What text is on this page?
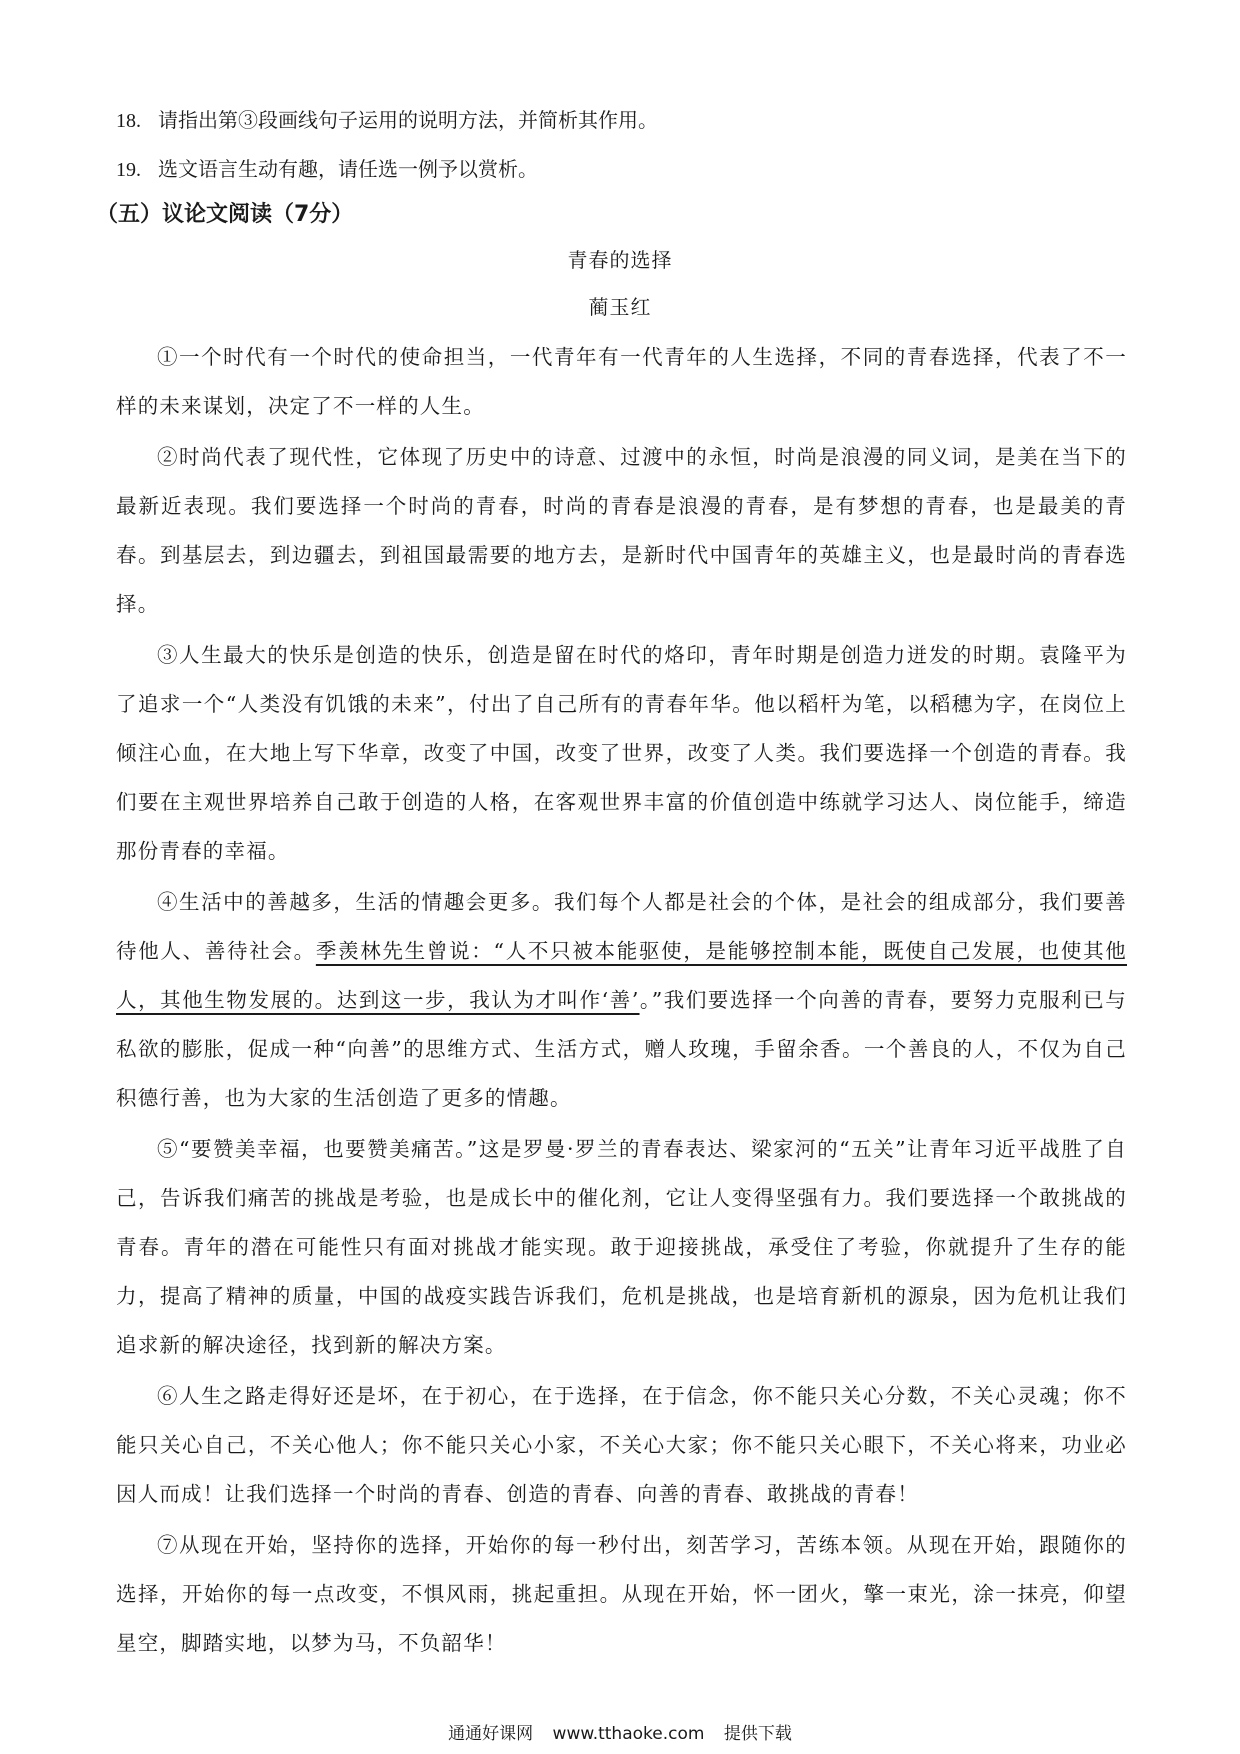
18. 请指出第③段画线句子运用的说明方法，并简析其作用。
19. 选文语言生动有趣，请任选一例予以赏析。
（五）议论文阅读（7分）
青春的选择
蔺玉红

①一个时代有一个时代的使命担当，一代青年有一代青年的人生选择，不同的青春选择，代表了不一样的未来谋划，决定了不一样的人生。

②时尚代表了现代性，它体现了历史中的诗意、过渡中的永恒，时尚是浪漫的同义词，是美在当下的最新近表现。我们要选择一个时尚的青春，时尚的青春是浪漫的青春，是有梦想的青春，也是最美的青春。到基层去，到边疆去，到祖国最需要的地方去，是新时代中国青年的英雄主义，也是最时尚的青春选择。

③人生最大的快乐是创造的快乐，创造是留在时代的烙印，青年时期是创造力迸发的时期。袁隆平为了追求一个“人类没有饥饿的未来”，付出了自己所有的青春年华。他以稻杆为笔，以稻穗为字，在岗位上倾注心血，在大地上写下华章，改变了中国，改变了世界，改变了人类。我们要选择一个创造的青春。我们要在主观世界培养自己敢于创造的人格，在客观世界丰富的价值创造中练就学习达人、岗位能手，缔造那份青春的幸福。

④生活中的善越多，生活的情趣会更多。我们每个人都是社会的个体，是社会的组成部分，我们要善待他人、善待社会。季羡林先生曾说：“人不只被本能驱使，是能够控制本能，既使自己发展，也使其他人，其他生物发展的。达到这一步，我认为才叫作‘善’。”我们要选择一个向善的青春，要努力克服利已与私欲的膨胀，促成一种“向善”的思维方式、生活方式，赠人玫瑰，手留余香。一个善良的人，不仅为自己积德行善，也为大家的生活创造了更多的情趣。

⑤“要赞美幸福，也要赞美痛苦。”这是罗曼·罗兰的青春表达、梁家河的“五关”让青年习近平战胜了自己，告诉我们痛苦的挑战是考验，也是成长中的催化剂，它让人变得坚强有力。我们要选择一个敢挑战的青春。青年的潜在可能性只有面对挑战才能实现。敢于迎接挑战，承受住了考验，你就提升了生存的能力，提高了精神的质量，中国的战疫实践告诉我们，危机是挑战，也是培育新机的源泉，因为危机让我们追求新的解决途径，找到新的解决方案。

⑥人生之路走得好还是坏，在于初心，在于选择，在于信念，你不能只关心分数，不关心灵魂；你不能只关心自己，不关心他人；你不能只关心小家，不关心大家；你不能只关心眼下，不关心将来，功业必因人而成！让我们选择一个时尚的青春、创造的青春、向善的青春、敢挑战的青春！

⑦从现在开始，坚持你的选择，开始你的每一秒付出，刻苦学习，苦练本领。从现在开始，跟随你的选择，开始你的每一点改变，不惧风雨，挑起重担。从现在开始，怀一团火，擎一束光，涂一抹亮，仰望星空，脚踏实地，以梦为马，不负韶华！

通通好课网 www.tthaoke.com 提供下载
